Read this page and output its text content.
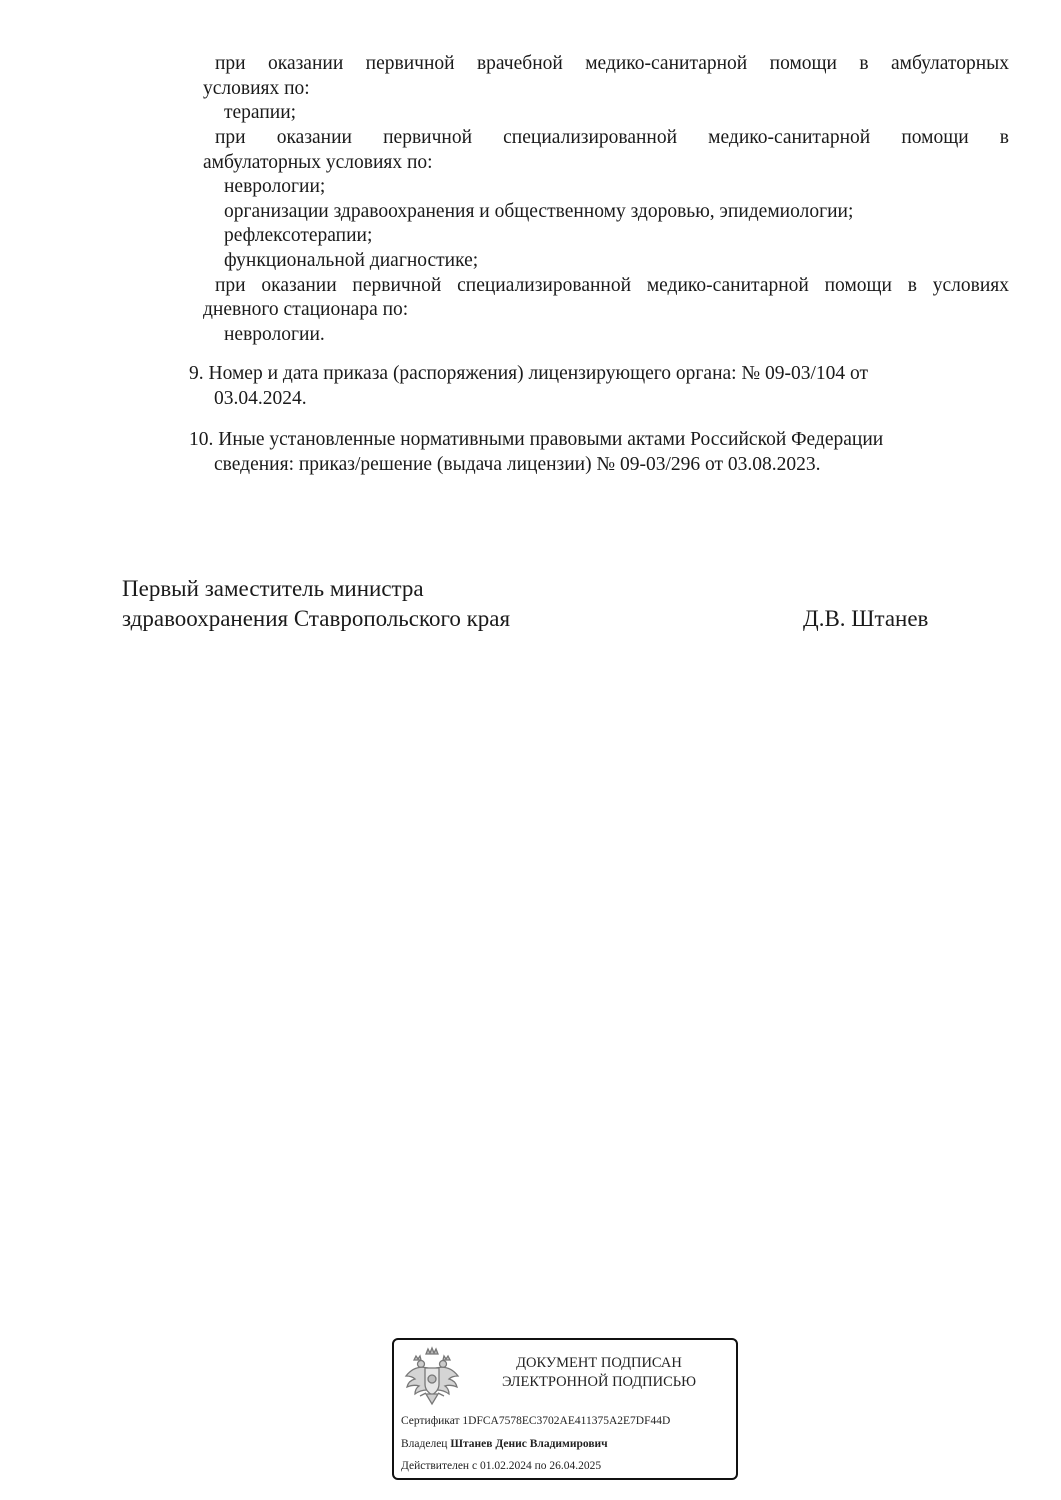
при оказании первичной врачебной медико-санитарной помощи в амбулаторных
условиях по:
терапии;
при оказании первичной специализированной медико-санитарной помощи в
амбулаторных условиях по:
неврологии;
организации здравоохранения и общественному здоровью, эпидемиологии;
рефлексотерапии;
функциональной диагностике;
при оказании первичной специализированной медико-санитарной помощи в условиях
дневного стационара по:
неврологии.
9. Номер и дата приказа (распоряжения) лицензирующего органа: № 09-03/104 от
03.04.2024.
10. Иные установленные нормативными правовыми актами Российской Федерации
сведения: приказ/решение (выдача лицензии) № 09-03/296 от 03.08.2023.
Первый заместитель министра
здравоохранения Ставропольского края	Д.В. Штанев
ДОКУМЕНТ ПОДПИСАН
ЭЛЕКТРОННОЙ ПОДПИСЬЮ
Сертификат 1DFCA7578EC3702AE411375A2E7DF44D
Владелец Штанев Денис Владимирович
Действителен с 01.02.2024 по 26.04.2025
